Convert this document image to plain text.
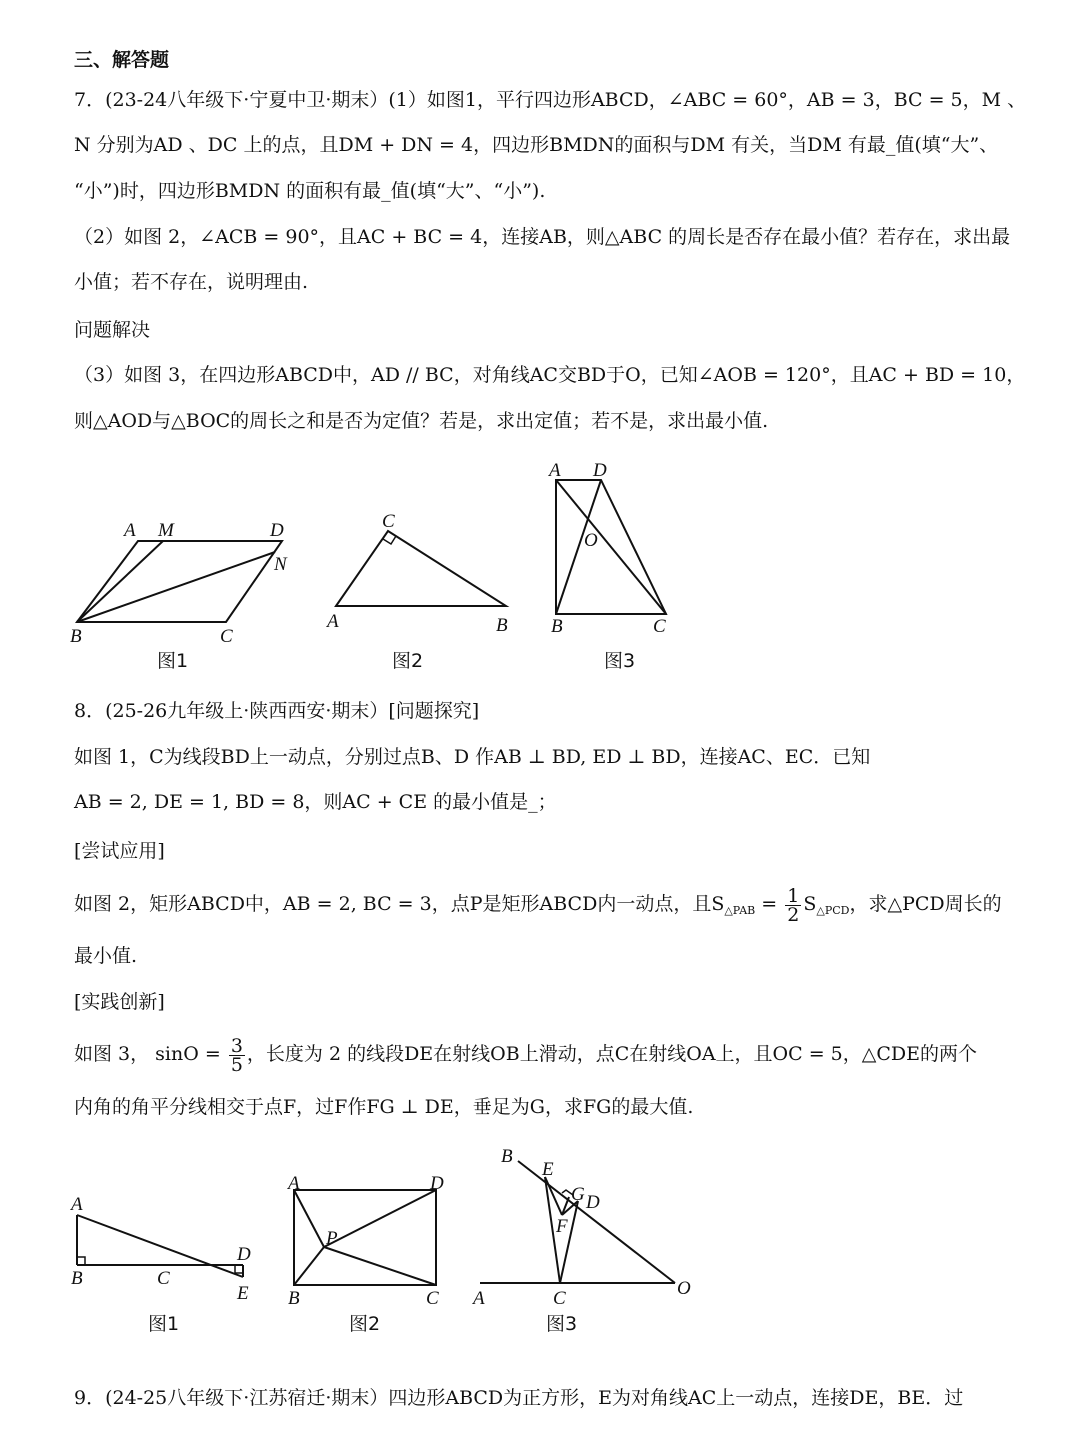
三、解答题
7．(23-24八年级下·宁夏中卫·期末）(1）如图1，平行四边形ABCD，∠ABC = 60°，AB = 3，BC = 5，M 、
N 分别为AD 、DC 上的点，且DM + DN = 4，四边形BMDN的面积与DM 有关，当DM 有最_值(填“大”、
“小”)时，四边形BMDN 的面积有最_值(填“大”、“小”).
（2）如图 2，∠ACB = 90°，且AC + BC = 4，连接AB，则△ABC 的周长是否存在最小值？若存在，求出最
小值；若不存在，说明理由.
问题解决
（3）如图 3，在四边形ABCD中，AD // BC，对角线AC交BD于O，已知∠AOB = 120°，且AC + BD = 10，
则△AOD与△BOC的周长之和是否为定值？若是，求出定值；若不是，求出最小值.
A M	D
N
B	C
图1
C
A	B
图2
A D
O
B	C
图3
8．(25-26九年级上·陕西西安·期末）[问题探究]
如图 1，C为线段BD上一动点，分别过点B、D 作AB ⊥ BD, ED ⊥ BD，连接AC、EC．已知
AB = 2, DE = 1, BD = 8，则AC + CE 的最小值是_；
[尝试应用]
如图 2，矩形ABCD中，AB = 2, BC = 3，点P是矩形ABCD内一动点，且$S_{\triangle PAB} = \frac{1}{2} S_{\triangle PCD}$，求△PCD周长的
最小值.
[实践创新]
如图 3， $\sin O = \frac{3}{5}$ ，长度为 2 的线段DE在射线OB上滑动，点C在射线OA上，且OC = 5，△CDE的两个
内角的角平分线相交于点F，过F作FG ⊥ DE，垂足为G，求FG的最大值.
A
B	C
D
E
图1
A	D
P
B	C
图2
B
E
G D
F
A	C	O
图3
9．(24-25八年级下·江苏宿迁·期末）四边形ABCD为正方形，E为对角线AC上一动点，连接DE，BE．过
